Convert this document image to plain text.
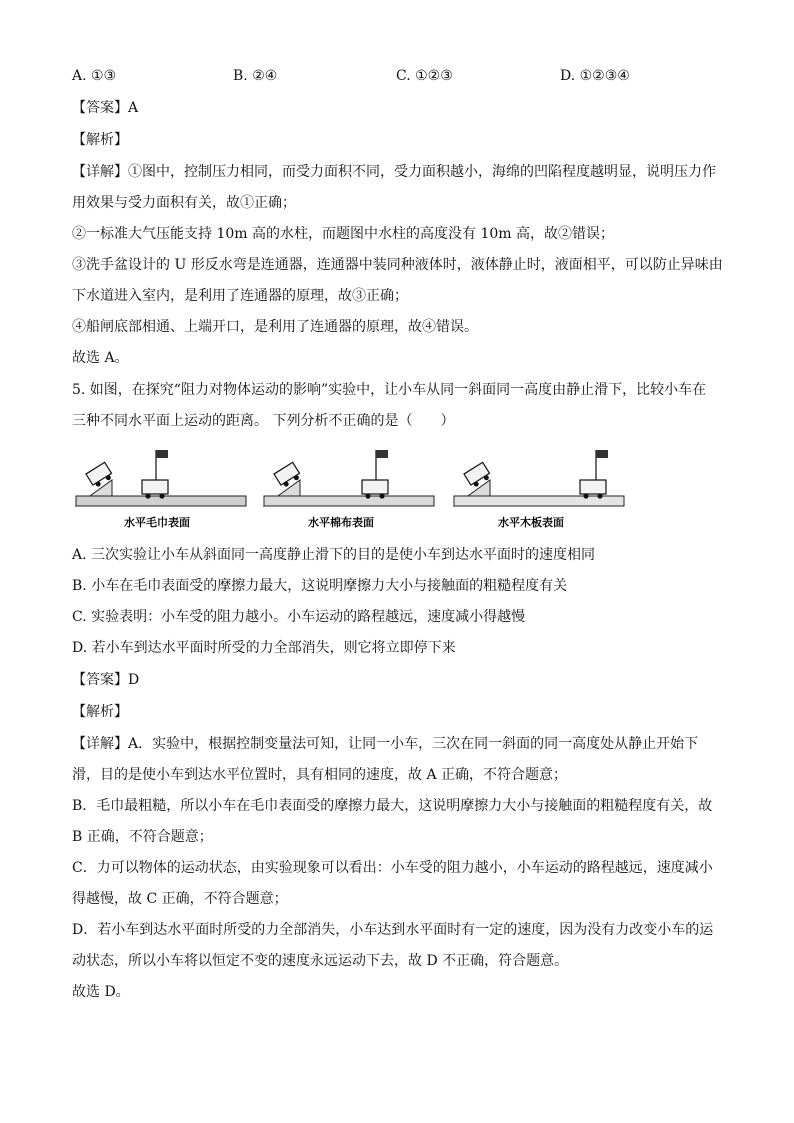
A. ①③	B. ②④	C. ①②③	D. ①②③④
【答案】A
【解析】
【详解】①图中，控制压力相同，而受力面积不同，受力面积越小，海绵的凹陷程度越明显，说明压力作
用效果与受力面积有关，故①正确；
②一标准大气压能支持 10m 高的水柱，而题图中水柱的高度没有 10m 高，故②错误；
③洗手盆设计的 U 形反水弯是连通器，连通器中装同种液体时，液体静止时，液面相平，可以防止异味由
下水道进入室内，是利用了连通器的原理，故③正确；
④船闸底部相通、上端开口，是利用了连通器的原理，故④错误。
故选 A。
5. 如图，在探究“阻力对物体运动的影响”实验中，让小车从同一斜面同一高度由静止滑下，比较小车在
三种不同水平面上运动的距离。 下列分析不正确的是（　　）
水平毛巾表面	水平棉布表面	水平木板表面
A. 三次实验让小车从斜面同一高度静止滑下的目的是使小车到达水平面时的速度相同
B. 小车在毛巾表面受的摩擦力最大，这说明摩擦力大小与接触面的粗糙程度有关
C. 实验表明：小车受的阻力越小。小车运动的路程越远，速度减小得越慢
D. 若小车到达水平面时所受的力全部消失，则它将立即停下来
【答案】D
【解析】
【详解】A．实验中，根据控制变量法可知，让同一小车，三次在同一斜面的同一高度处从静止开始下
滑，目的是使小车到达水平位置时，具有相同的速度，故 A 正确，不符合题意；
B．毛巾最粗糙，所以小车在毛巾表面受的摩擦力最大，这说明摩擦力大小与接触面的粗糙程度有关，故
B 正确，不符合题意；
C．力可以物体的运动状态，由实验现象可以看出：小车受的阻力越小，小车运动的路程越远，速度减小
得越慢，故 C 正确，不符合题意；
D．若小车到达水平面时所受的力全部消失，小车达到水平面时有一定的速度，因为没有力改变小车的运
动状态，所以小车将以恒定不变的速度永远运动下去，故 D 不正确，符合题意。
故选 D。
